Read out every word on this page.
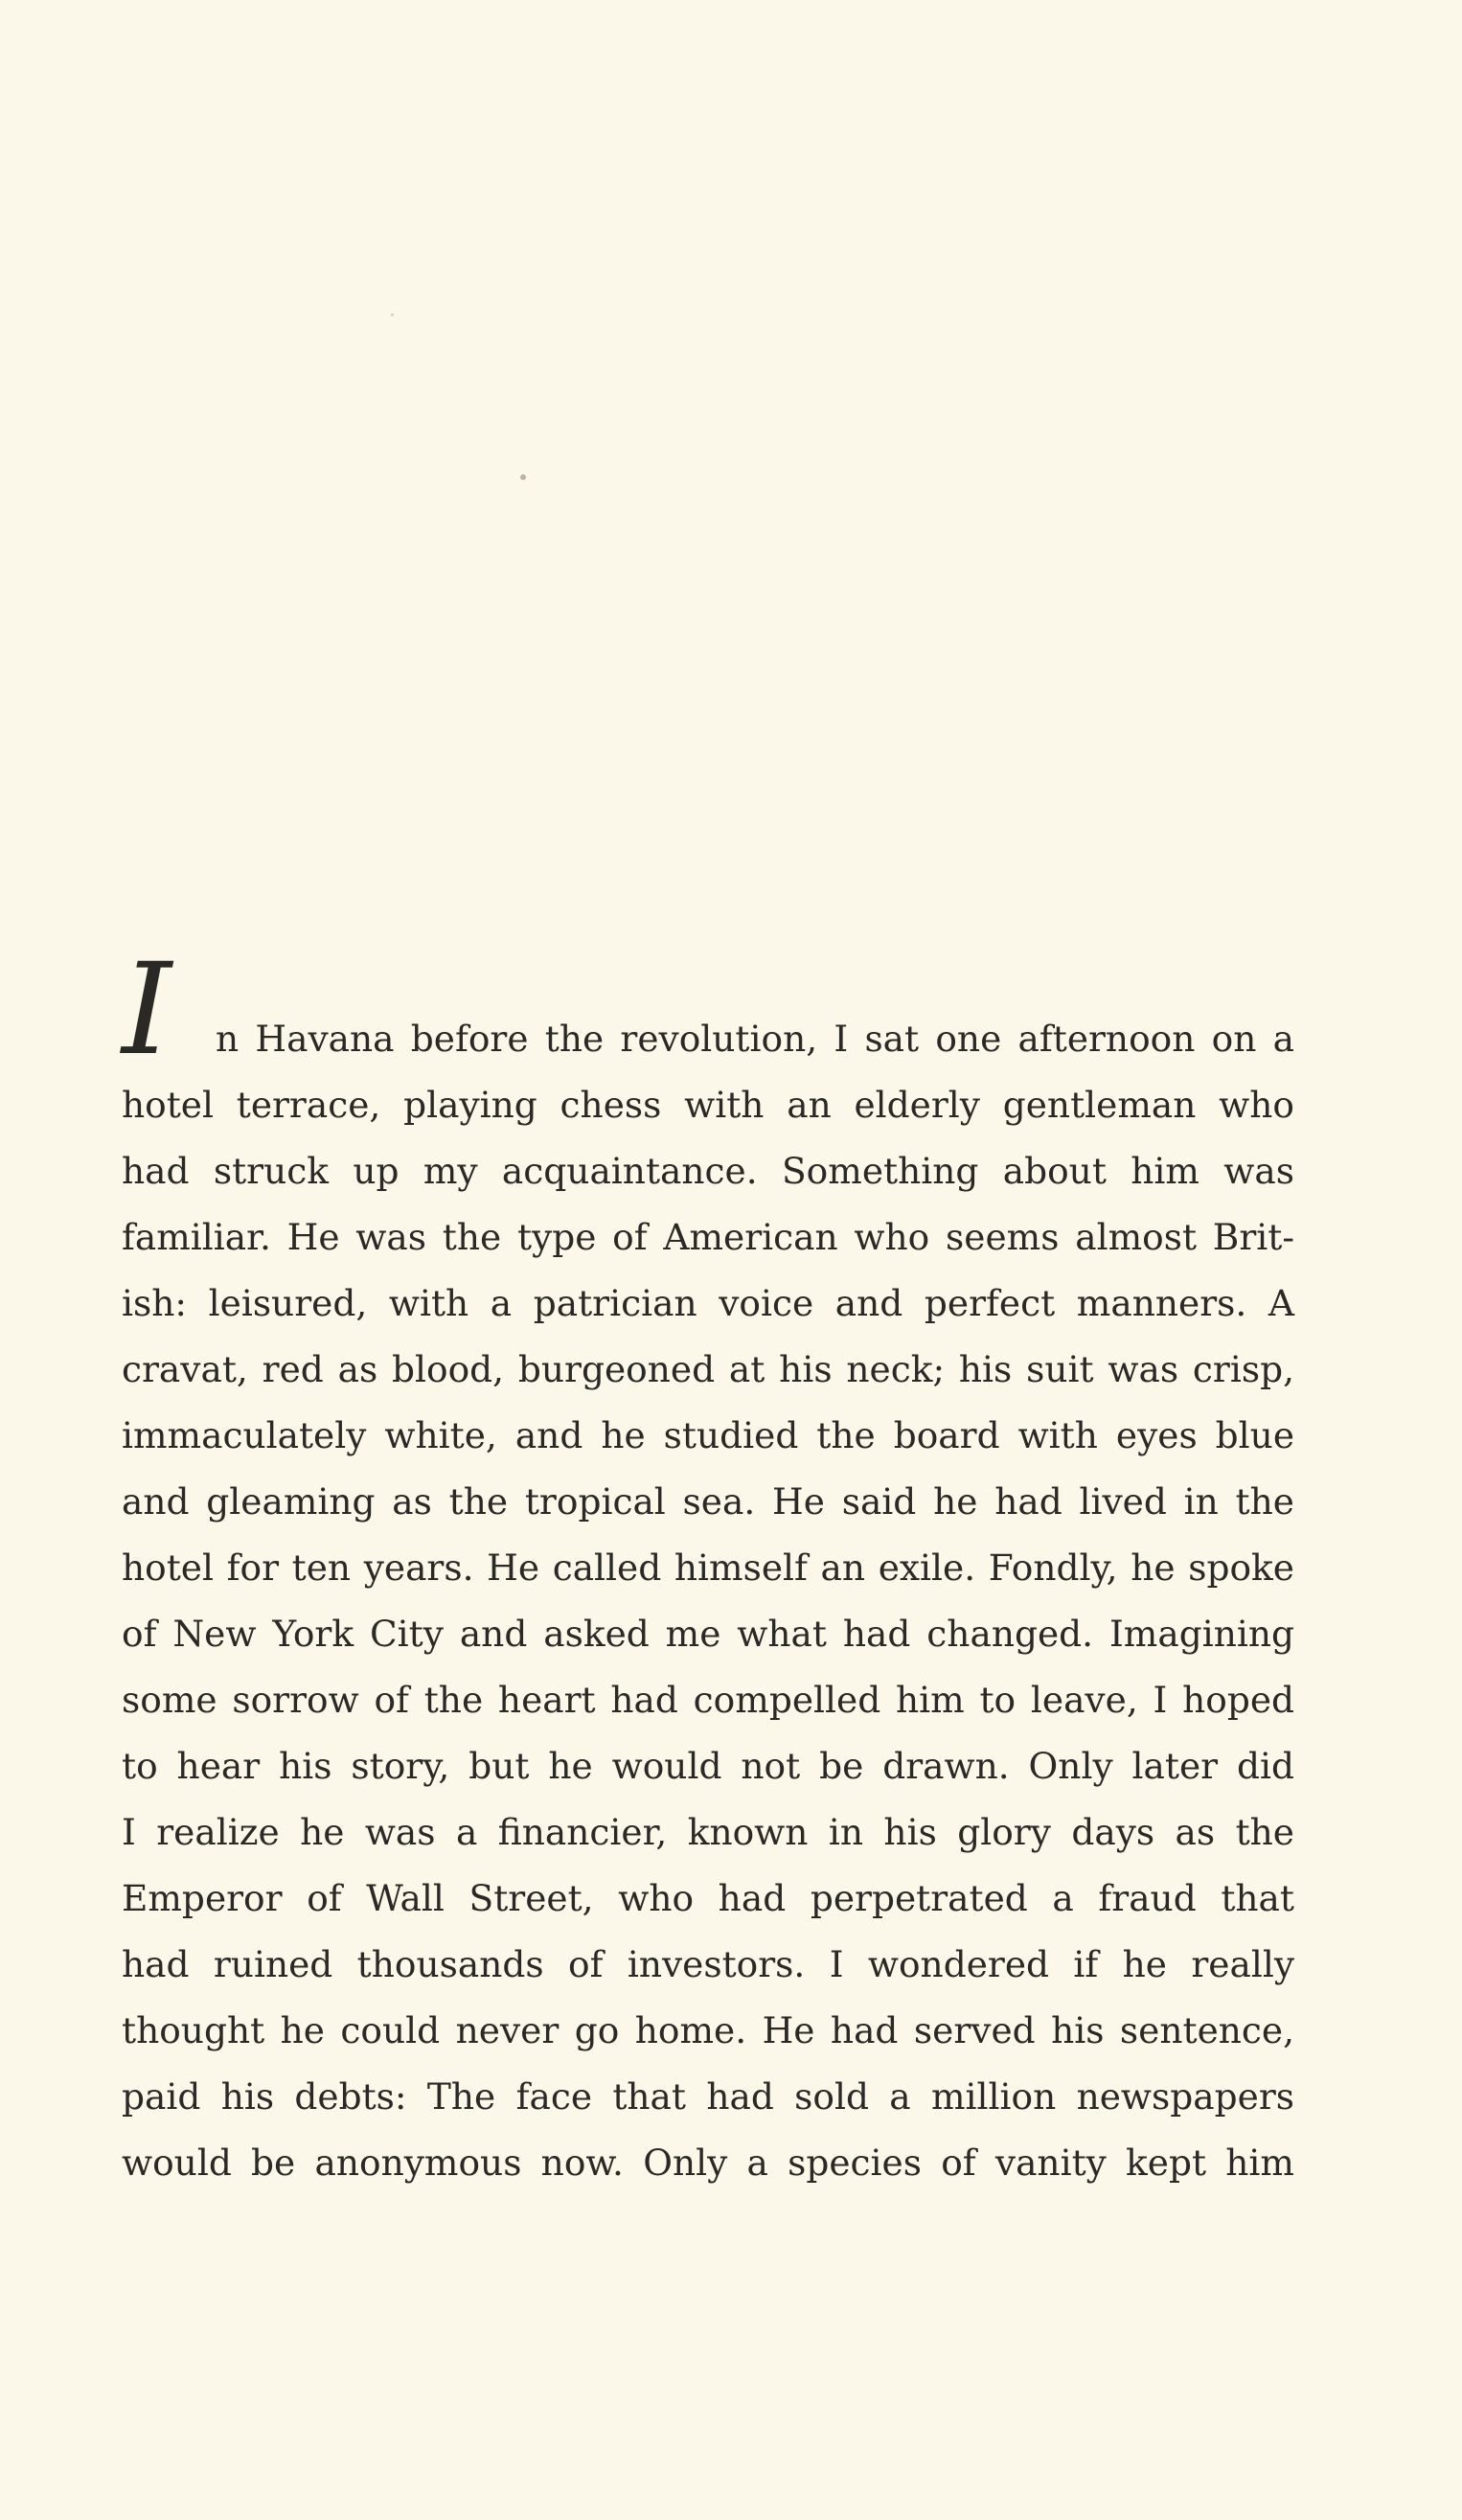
I n Havana before the revolution, I sat one afternoon on a
hotel terrace, playing chess with an elderly gentleman who had struck up my acquaintance. Something about him was familiar. He was the type of American who seems almost Brit- ish: leisured, with a patrician voice and perfect manners. A cravat, red as blood, burgeoned at his neck; his suit was crisp, immaculately white, and he studied the board with eyes blue and gleaming as the tropical sea. He said he had lived in the hotel for ten years. He called himself an exile. Fondly, he spoke of New York City and asked me what had changed. Imagining some sorrow of the heart had compelled him to leave, I hoped to hear his story, but he would not be drawn. Only later did I realize he was a financier, known in his glory days as the Emperor of Wall Street, who had perpetrated a fraud that had ruined thousands of investors. I wondered if he really thought he could never go home. He had served his sentence, paid his debts: The face that had sold a million newspapers would be anonymous now. Only a species of vanity kept him
